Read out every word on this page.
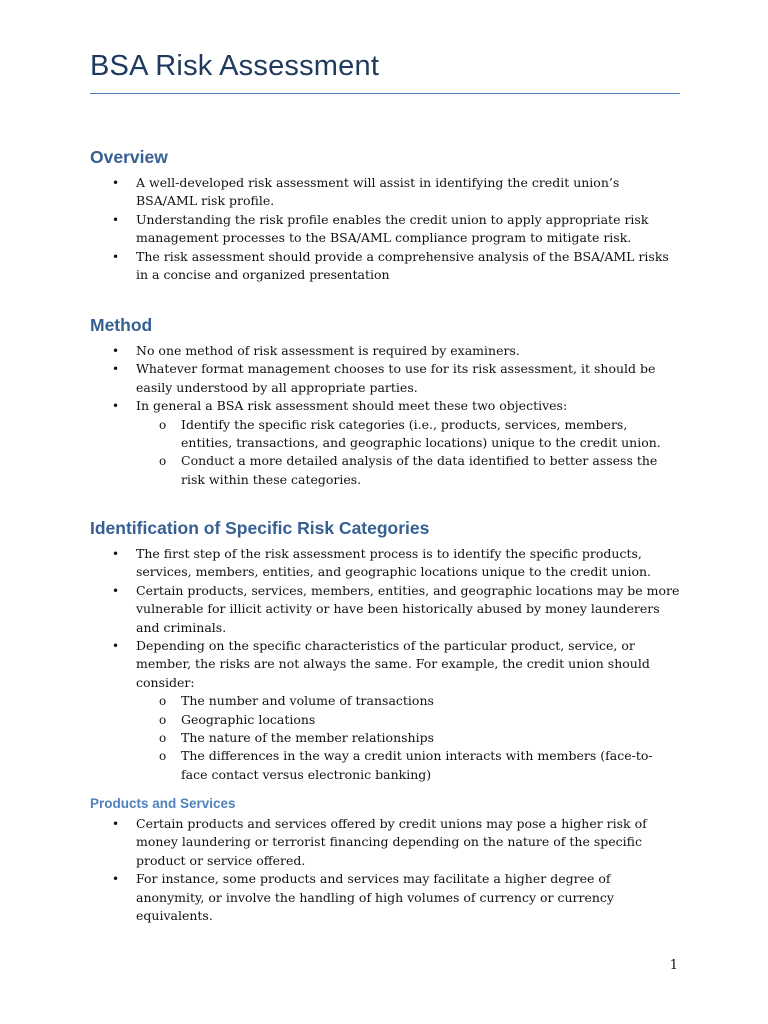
BSA Risk Assessment
Overview
• A well-developed risk assessment will assist in identifying the credit union’s BSA/AML risk profile.
• Understanding the risk profile enables the credit union to apply appropriate risk management processes to the BSA/AML compliance program to mitigate risk.
• The risk assessment should provide a comprehensive analysis of the BSA/AML risks in a concise and organized presentation
Method
• No one method of risk assessment is required by examiners.
• Whatever format management chooses to use for its risk assessment, it should be easily understood by all appropriate parties.
• In general a BSA risk assessment should meet these two objectives:
o Identify the specific risk categories (i.e., products, services, members, entities, transactions, and geographic locations) unique to the credit union.
o Conduct a more detailed analysis of the data identified to better assess the risk within these categories.
Identification of Specific Risk Categories
• The first step of the risk assessment process is to identify the specific products, services, members, entities, and geographic locations unique to the credit union.
• Certain products, services, members, entities, and geographic locations may be more vulnerable for illicit activity or have been historically abused by money launderers and criminals.
• Depending on the specific characteristics of the particular product, service, or member, the risks are not always the same. For example, the credit union should consider:
o The number and volume of transactions
o Geographic locations
o The nature of the member relationships
o The differences in the way a credit union interacts with members (face-to-face contact versus electronic banking)
Products and Services
• Certain products and services offered by credit unions may pose a higher risk of money laundering or terrorist financing depending on the nature of the specific product or service offered.
• For instance, some products and services may facilitate a higher degree of anonymity, or involve the handling of high volumes of currency or currency equivalents.
1
